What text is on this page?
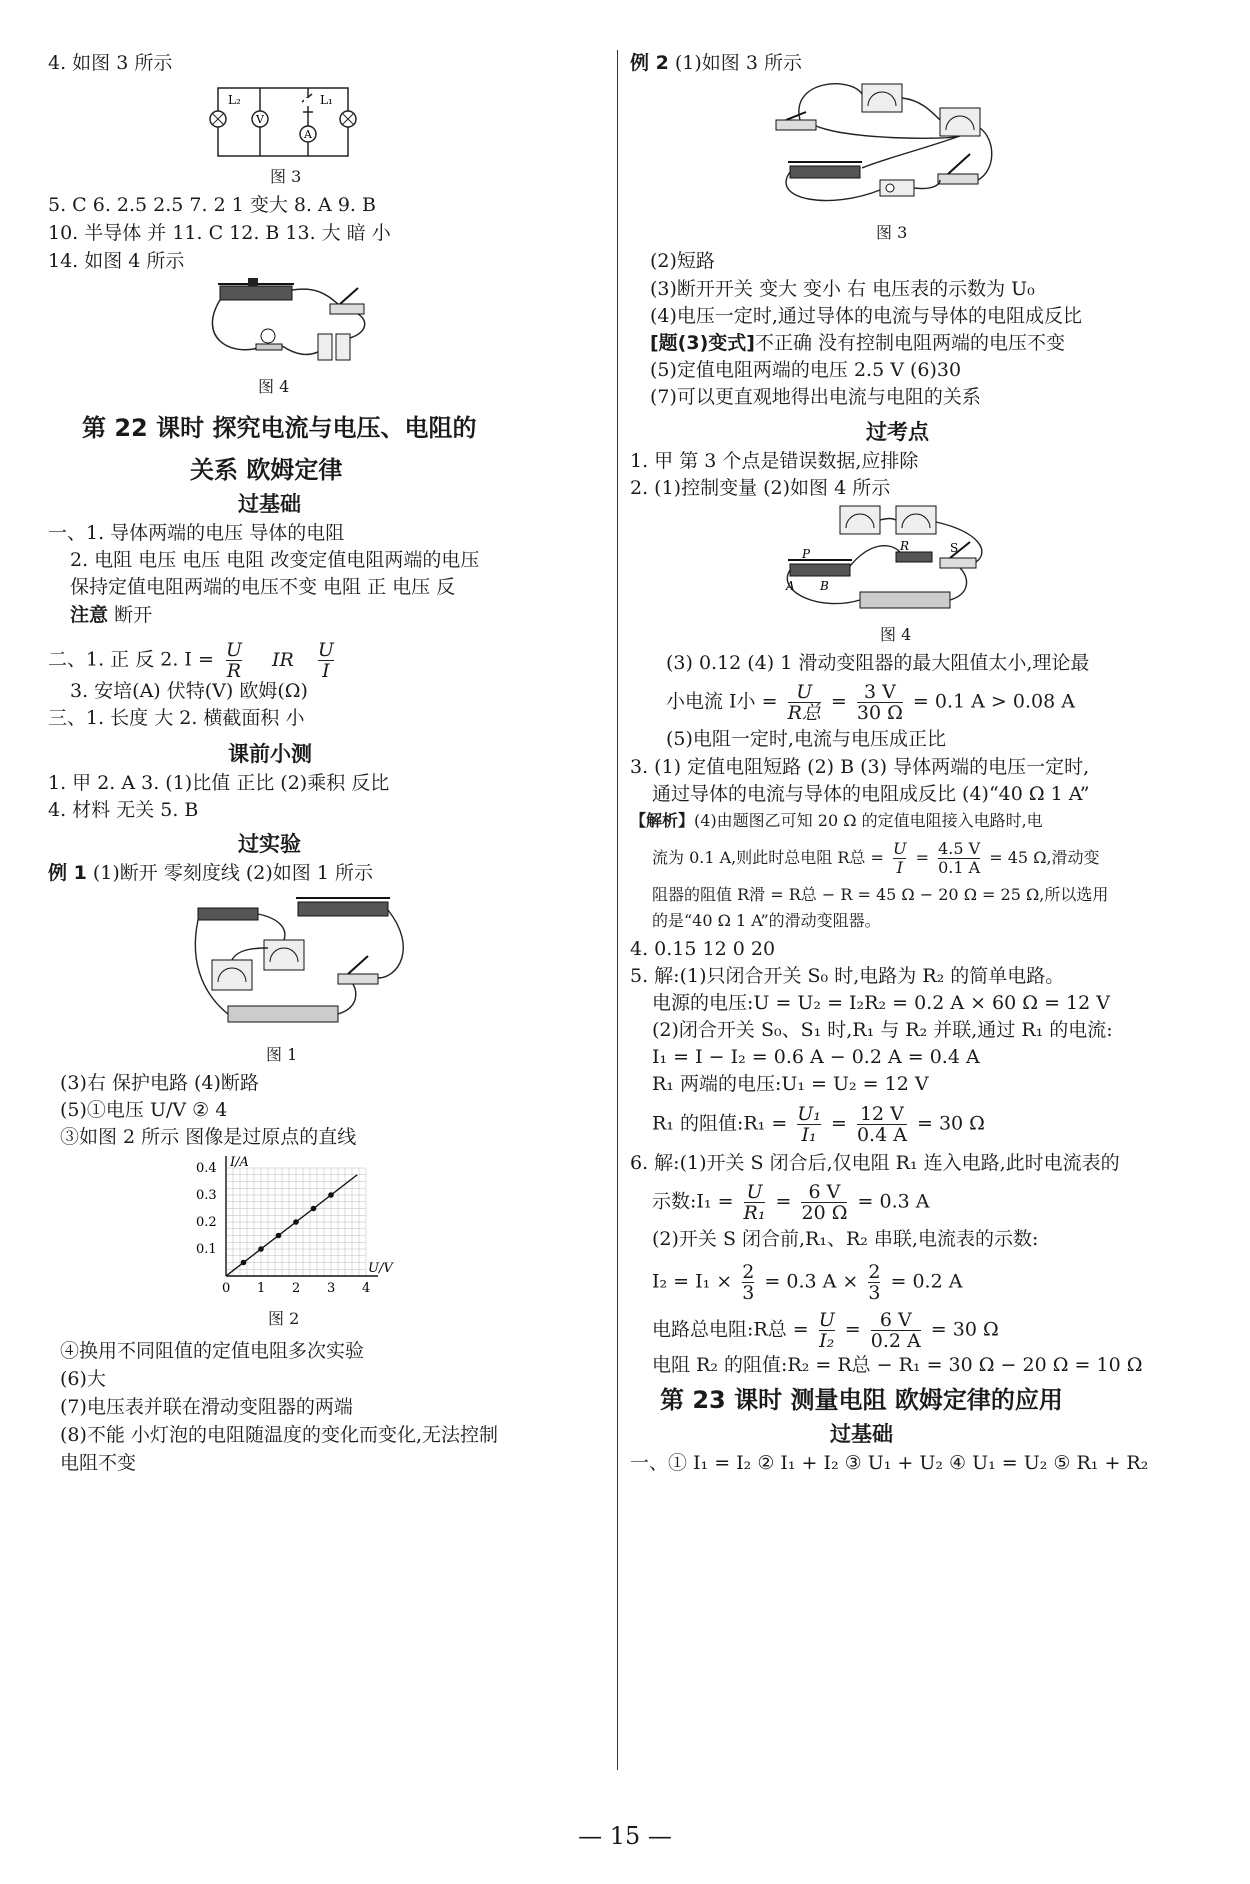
4. 如图 3 所示
L₂
V
A
L₁
图 3
5. C 6. 2.5 2.5 7. 2 1 变大 8. A 9. B
10. 半导体 并 11. C 12. B 13. 大 暗 小
14. 如图 4 所示
图 4
第 22 课时 探究电流与电压、电阻的
关系 欧姆定律
过基础
一、1. 导体两端的电压 导体的电阻
2. 电阻 电压 电压 电阻 改变定值电阻两端的电压
保持定值电阻两端的电压不变 电阻 正 电压 反
注意 断开
二、1. 正 反 2. $I = \frac{U}{R}$ IR $\frac{U}{I}$
3. 安培(A) 伏特(V) 欧姆(Ω)
三、1. 长度 大 2. 横截面积 小
课前小测
1. 甲 2. A 3. (1)比值 正比 (2)乘积 反比
4. 材料 无关 5. B
过实验
例 1 (1)断开 零刻度线 (2)如图 1 所示
图 1
(3)右 保护电路 (4)断路
(5)①电压 U/V ② 4
③如图 2 所示 图像是过原点的直线
0 1 2 3 4
0.1
0.2
0.3
0.4
U/V
I/A
图 2
④换用不同阻值的定值电阻多次实验
(6)大
(7)电压表并联在滑动变阻器的两端
(8)不能 小灯泡的电阻随温度的变化而变化,无法控制
电阻不变
例 2 (1)如图 3 所示
图 3
(2)短路
(3)断开开关 变大 变小 右 电压表的示数为 U₀
(4)电压一定时,通过导体的电流与导体的电阻成反比
[题(3)变式]不正确 没有控制电阻两端的电压不变
(5)定值电阻两端的电压 2.5 V (6)30
(7)可以更直观地得出电流与电阻的关系
过考点
1. 甲 第 3 个点是错误数据,应排除
2. (1)控制变量 (2)如图 4 所示
P
R	S
A B
图 4
(3) 0.12 (4) 1 滑动变阻器的最大阻值太小,理论最
小电流 I小 = U
R总
= $\frac{3 V}{30 \Omega} = 0.1$ A > 0.08 A
(5)电阻一定时,电流与电压成正比
3. (1) 定值电阻短路 (2) B (3) 导体两端的电压一定时,
通过导体的电流与导体的电阻成反比 (4)“40 Ω 1 A”
【解析】(4)由题图乙可知 20 Ω 的定值电阻接入电路时,电
流为 0.1 A,则此时总电阻 R总 = $\frac{U}{I} = \frac{4.5 V}{0.1 A} = 45$ Ω,滑动变
阻器的阻值 R滑 = R总 − R = 45 Ω − 20 Ω = 25 Ω,所以选用
的是“40 Ω 1 A”的滑动变阻器。
4. 0.15 12 0 20
5. 解:(1)只闭合开关 S₀ 时,电路为 R₂ 的简单电路。
电源的电压:U = U₂ = I₂R₂ = 0.2 A × 60 Ω = 12 V
(2)闭合开关 S₀、S₁ 时,R₁ 与 R₂ 并联,通过 R₁ 的电流:
I₁ = I − I₂ = 0.6 A − 0.2 A = 0.4 A
R₁ 两端的电压:U₁ = U₂ = 12 V
R₁ 的阻值:R₁ = $\frac{\text{U₁}}{\text{I₁}} = \frac{12 V}{0.4 A} = 30$ Ω
6. 解:(1)开关 S 闭合后,仅电阻 R₁ 连入电路,此时电流表的
示数:I₁ = $\frac{U}{\text{R₁}} = \frac{6 V}{20 \Omega} = 0.3$ A
(2)开关 S 闭合前,R₁、R₂ 串联,电流表的示数:
$I_2 = I_1 \times \frac{2}{3} = 0.3$ $A \times \frac{2}{3} = 0.2$ A
电路总电阻:R总 = $\frac{U}{\text{I₂}} = \frac{6 V}{0.2 A} = 30$ Ω
电阻 R₂ 的阻值:R₂ = R总 − R₁ = 30 Ω − 20 Ω = 10 Ω
第 23 课时 测量电阻 欧姆定律的应用
过基础
一、① I₁ = I₂ ② I₁ + I₂ ③ U₁ + U₂ ④ U₁ = U₂ ⑤ R₁ + R₂
— 15 —
